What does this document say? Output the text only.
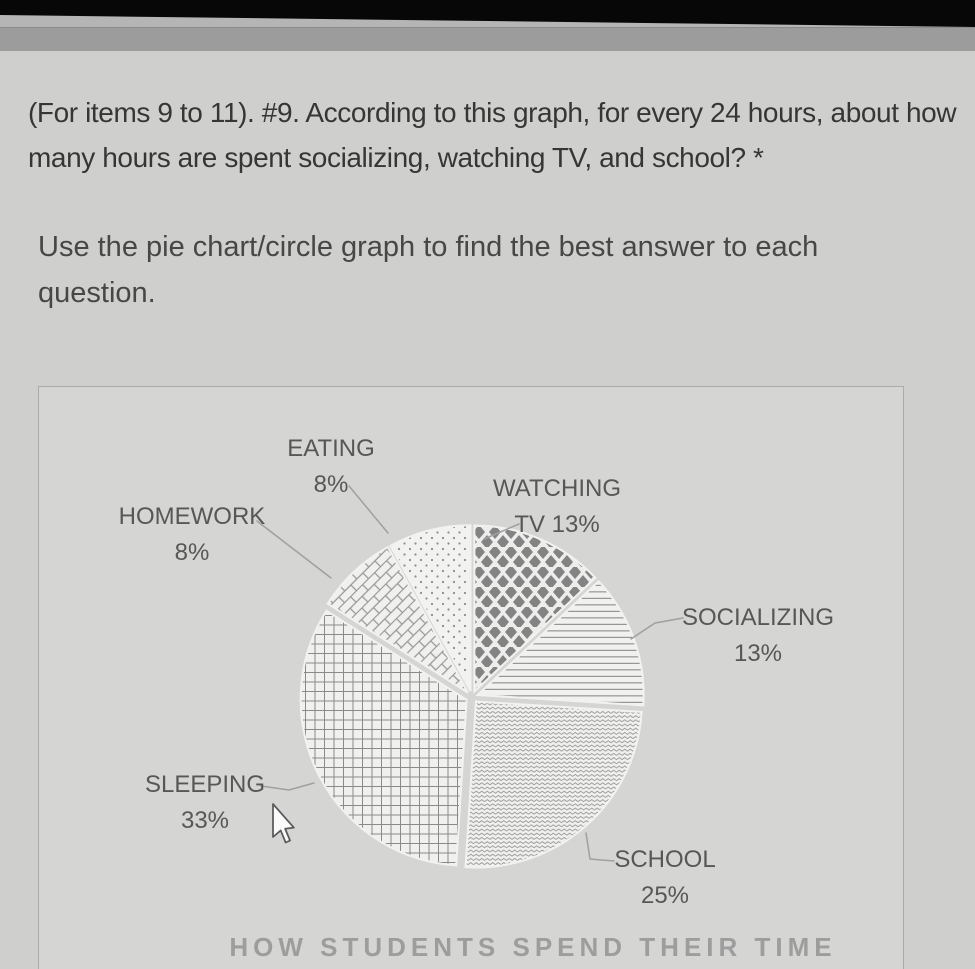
(For items 9 to 11). #9. According to this graph, for every 24 hours, about how many hours are spent socializing, watching TV, and school? *
Use the pie chart/circle graph to find the best answer to each question.
EATING
8%
HOMEWORK
8%
WATCHING
TV 13%
SOCIALIZING
13%
SLEEPING
33%
SCHOOL
25%
HOW STUDENTS SPEND THEIR TIME
